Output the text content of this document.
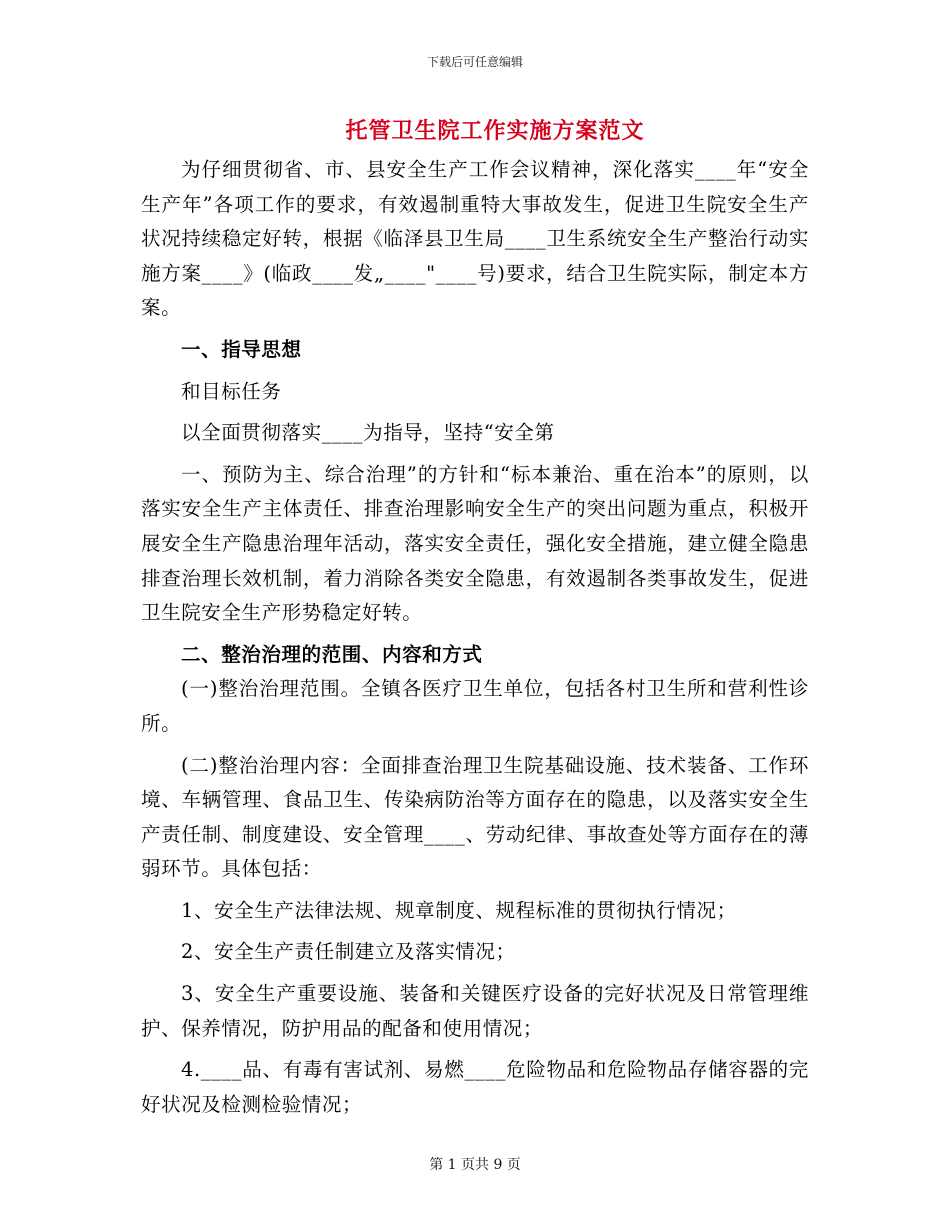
下载后可任意编辑
托管卫生院工作实施方案范文

为仔细贯彻省、市、县安全生产工作会议精神，深化落实____年“安全生产年”各项工作的要求，有效遏制重特大事故发生，促进卫生院安全生产状况持续稳定好转，根据《临泽县卫生局____卫生系统安全生产整治行动实施方案____》(临政____发„____"____号)要求，结合卫生院实际，制定本方案。

一、指导思想

和目标任务

以全面贯彻落实____为指导，坚持“安全第

一、预防为主、综合治理”的方针和“标本兼治、重在治本”的原则，以落实安全生产主体责任、排查治理影响安全生产的突出问题为重点，积极开展安全生产隐患治理年活动，落实安全责任，强化安全措施，建立健全隐患排查治理长效机制，着力消除各类安全隐患，有效遏制各类事故发生，促进卫生院安全生产形势稳定好转。

二、整治治理的范围、内容和方式

(一)整治治理范围。全镇各医疗卫生单位，包括各村卫生所和营利性诊所。

(二)整治治理内容：全面排查治理卫生院基础设施、技术装备、工作环境、车辆管理、食品卫生、传染病防治等方面存在的隐患，以及落实安全生产责任制、制度建设、安全管理____、劳动纪律、事故查处等方面存在的薄弱环节。具体包括：

1、安全生产法律法规、规章制度、规程标准的贯彻执行情况；

2、安全生产责任制建立及落实情况；

3、安全生产重要设施、装备和关键医疗设备的完好状况及日常管理维护、保养情况，防护用品的配备和使用情况；

4.____品、有毒有害试剂、易燃____危险物品和危险物品存储容器的完好状况及检测检验情况；

第 1 页共 9 页
